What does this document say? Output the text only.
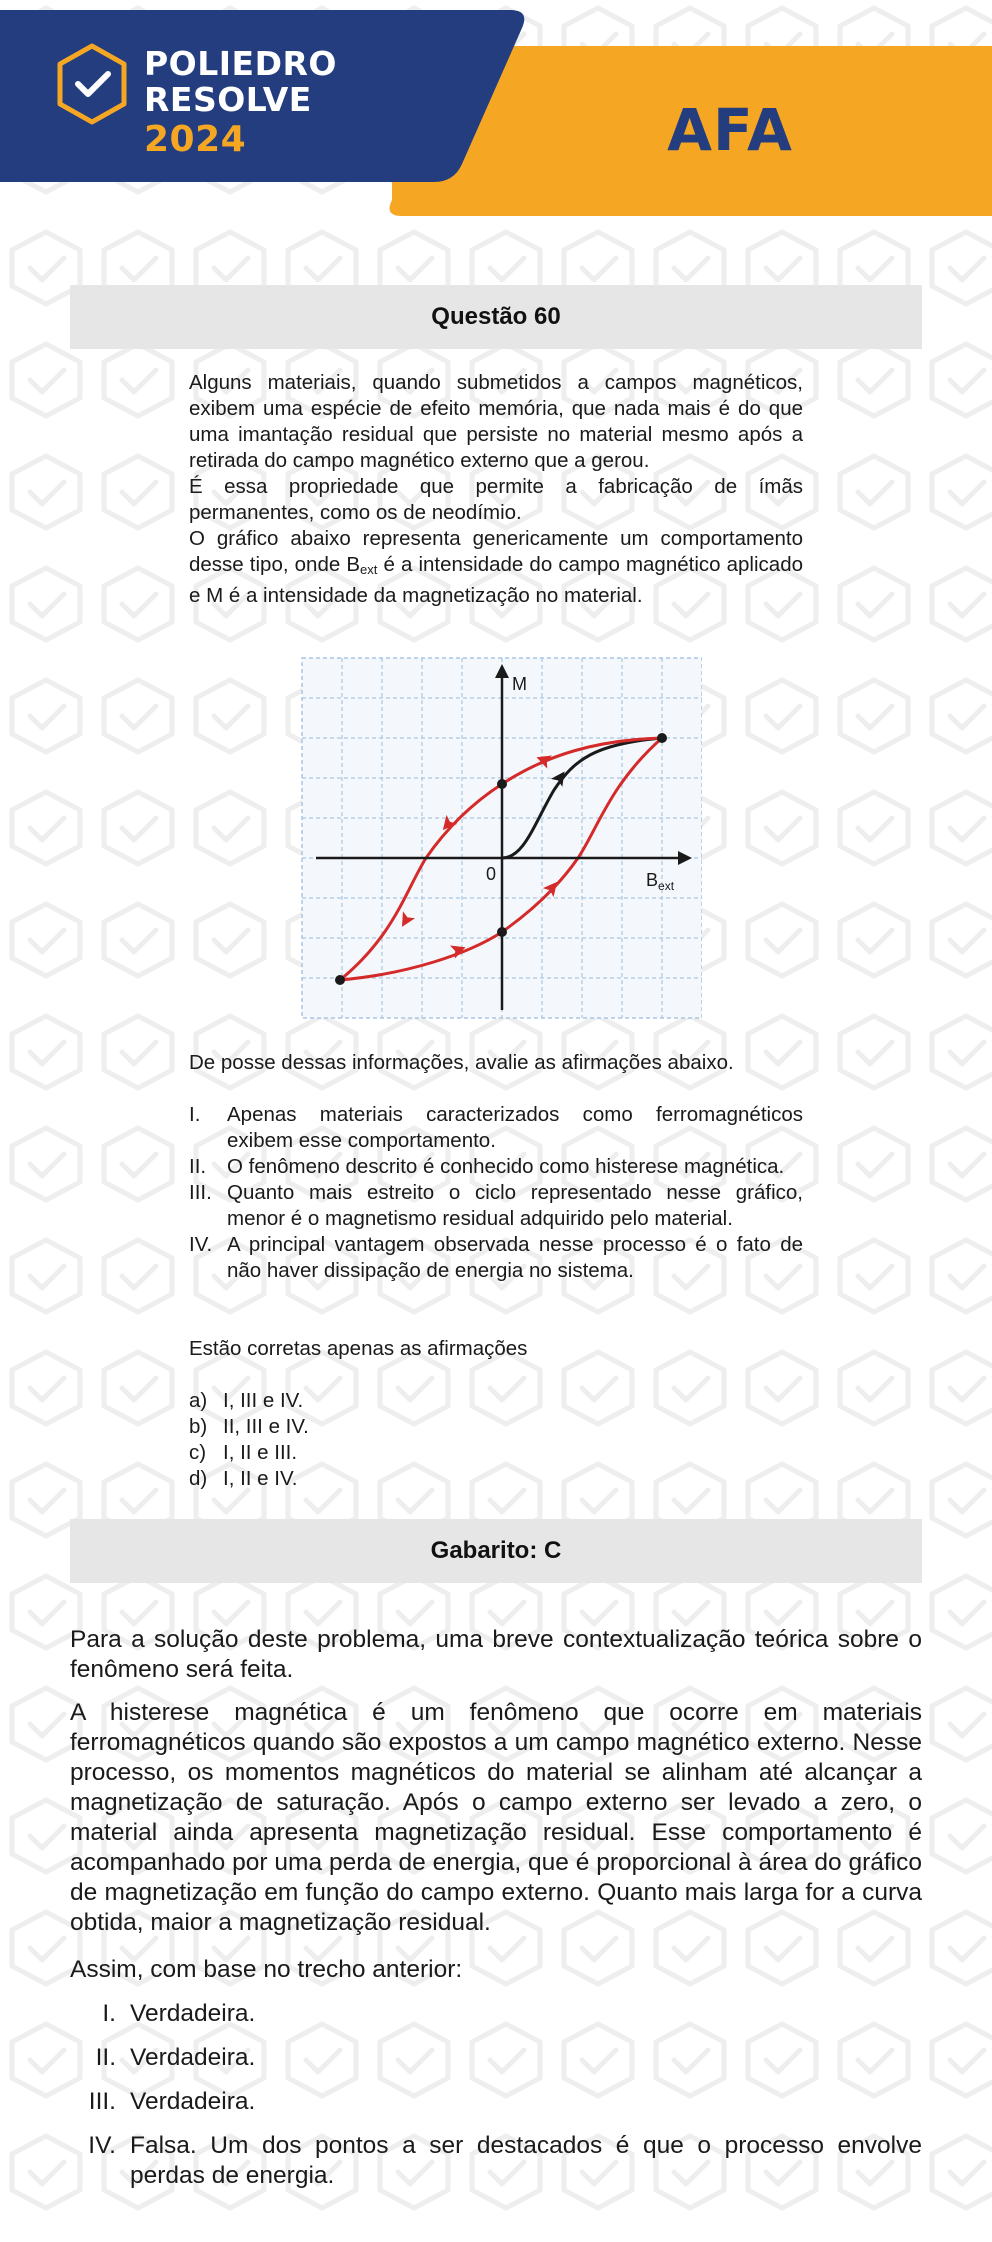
POLIEDRO
RESOLVE
2024	AFA
Questão 60

Alguns materiais, quando submetidos a campos magnéticos, exibem uma espécie de efeito memória, que nada mais é do que uma imantação residual que persiste no material mesmo após a retirada do campo magnético externo que a gerou.

É essa propriedade que permite a fabricação de ímãs permanentes, como os de neodímio.

O gráfico abaixo representa genericamente um comportamento desse tipo, onde $B_{ext}$ é a intensidade do campo magnético aplicado e M é a intensidade da magnetização no material.

M
0	$B_{ext}$
De posse dessas informações, avalie as afirmações abaixo.

I. Apenas materiais caracterizados como ferromagnéticos exibem esse comportamento.

II. O fenômeno descrito é conhecido como histerese magnética.

III. Quanto mais estreito o ciclo representado nesse gráfico, menor é o magnetismo residual adquirido pelo material.

IV. A principal vantagem observada nesse processo é o fato de não haver dissipação de energia no sistema.

Estão corretas apenas as afirmações

a) I, III e IV.

b) II, III e IV.

c) I, II e III.

d) I, II e IV.

Gabarito: C

Para a solução deste problema, uma breve contextualização teórica sobre o fenômeno será feita.

A histerese magnética é um fenômeno que ocorre em materiais ferromagnéticos quando são expostos a um campo magnético externo. Nesse processo, os momentos magnéticos do material se alinham até alcançar a magnetização de saturação. Após o campo externo ser levado a zero, o material ainda apresenta magnetização residual. Esse comportamento é acompanhado por uma perda de energia, que é proporcional à área do gráfico de magnetização em função do campo externo. Quanto mais larga for a curva obtida, maior a magnetização residual.

Assim, com base no trecho anterior:

I. Verdadeira.

II. Verdadeira.

III. Verdadeira.

IV. Falsa. Um dos pontos a ser destacados é que o processo envolve perdas de energia.
